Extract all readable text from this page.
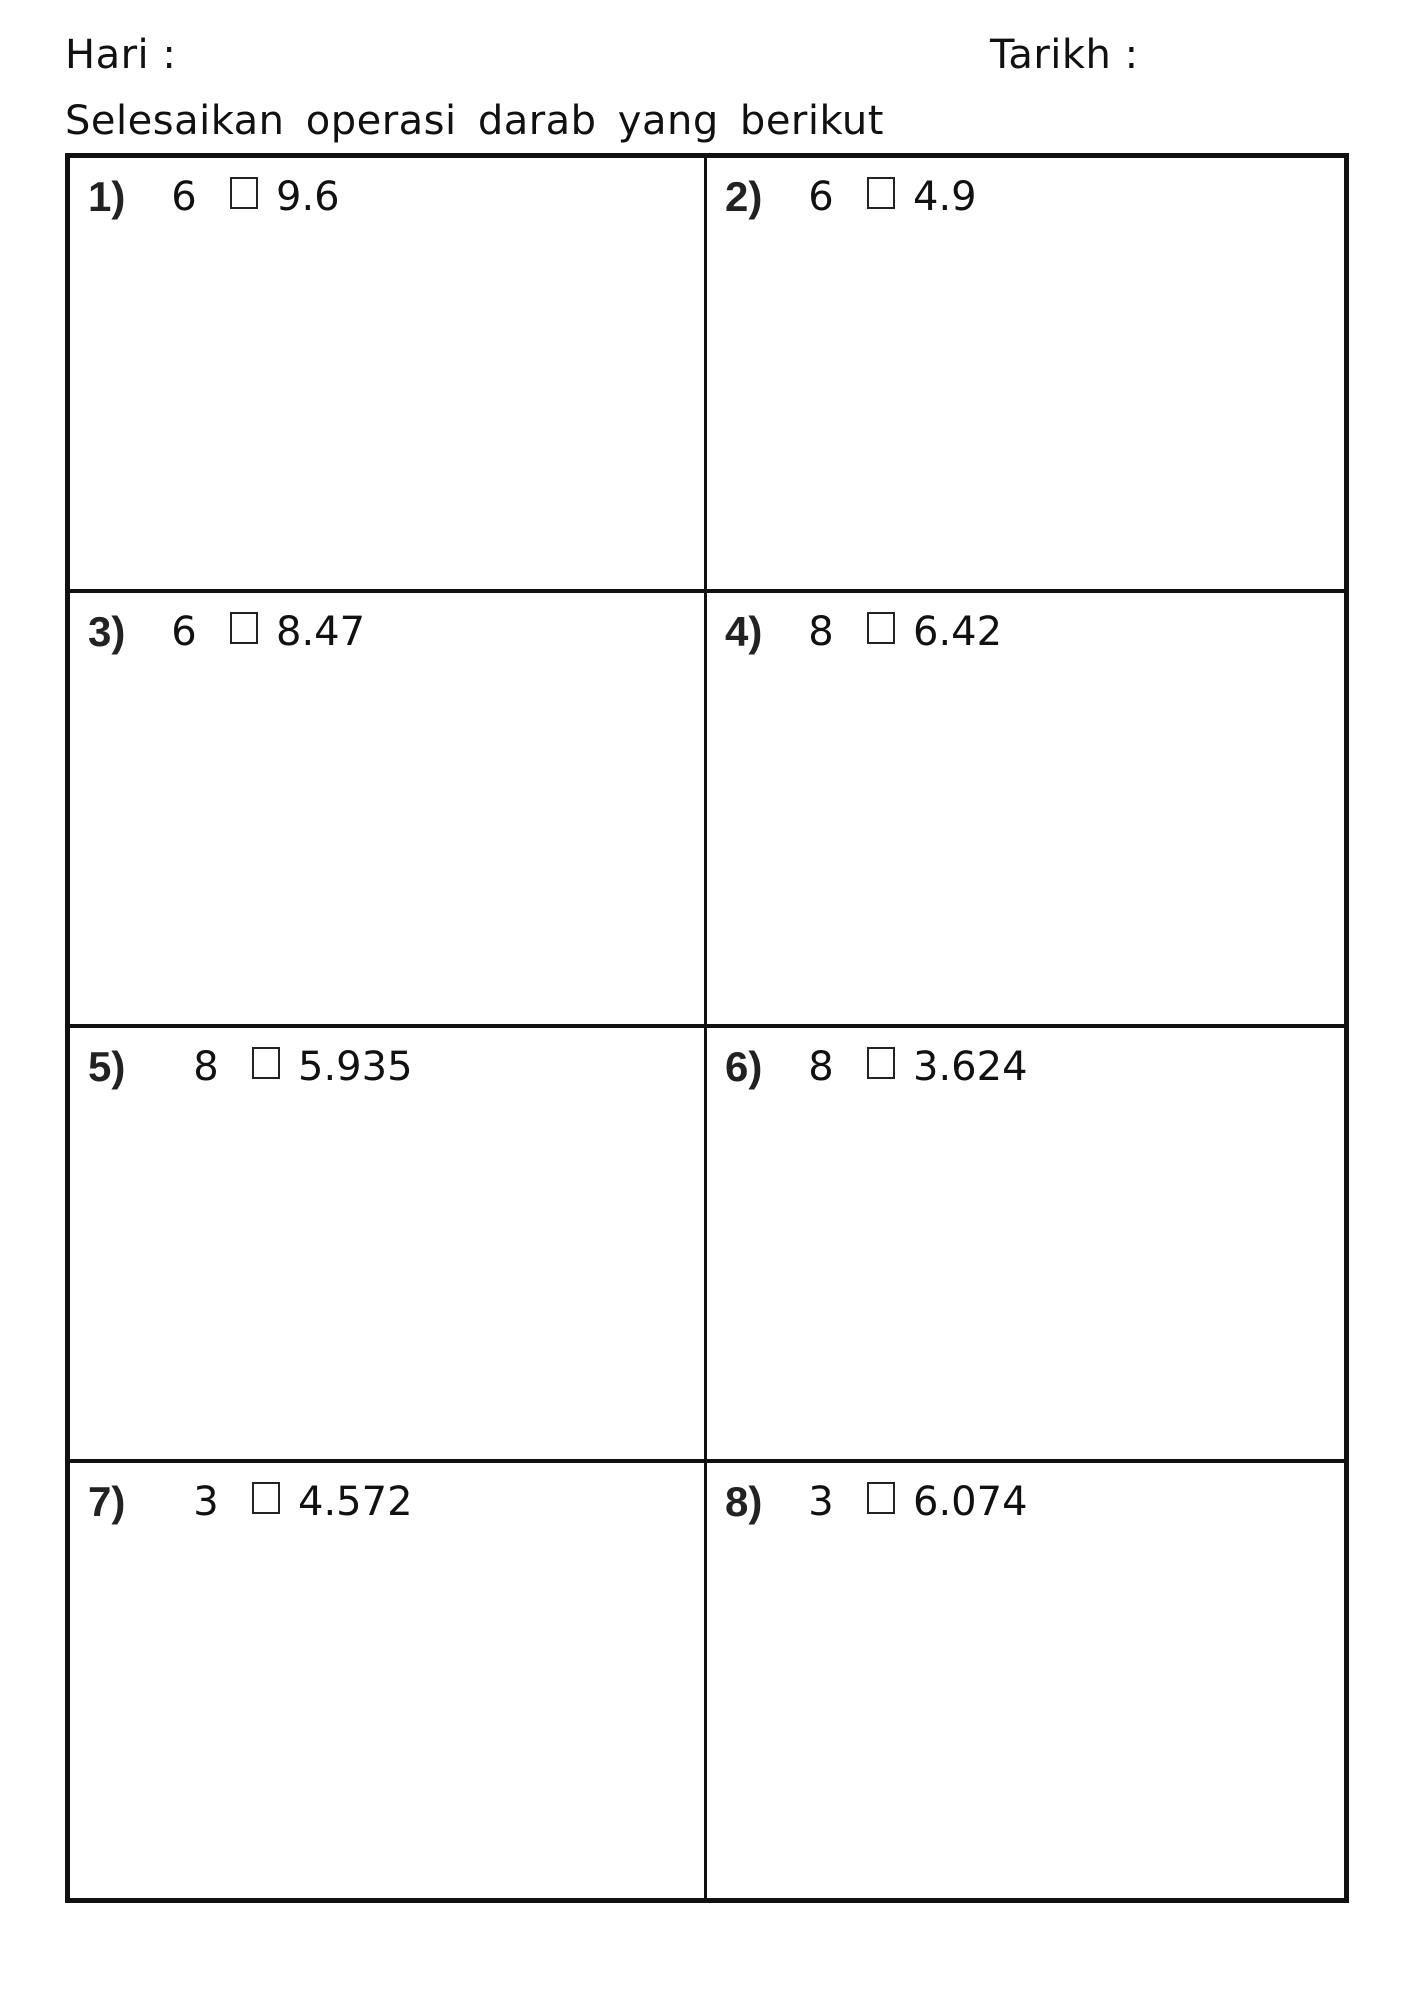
Hari :	Tarikh :
Selesaikan operasi darab yang berikut
1)	6 9.6	2)	6 4.9
3)	6 8.47	4)	8 6.42
5)	8 5.935	6)	8 3.624
7)	3 4.572	8)	3 6.074
